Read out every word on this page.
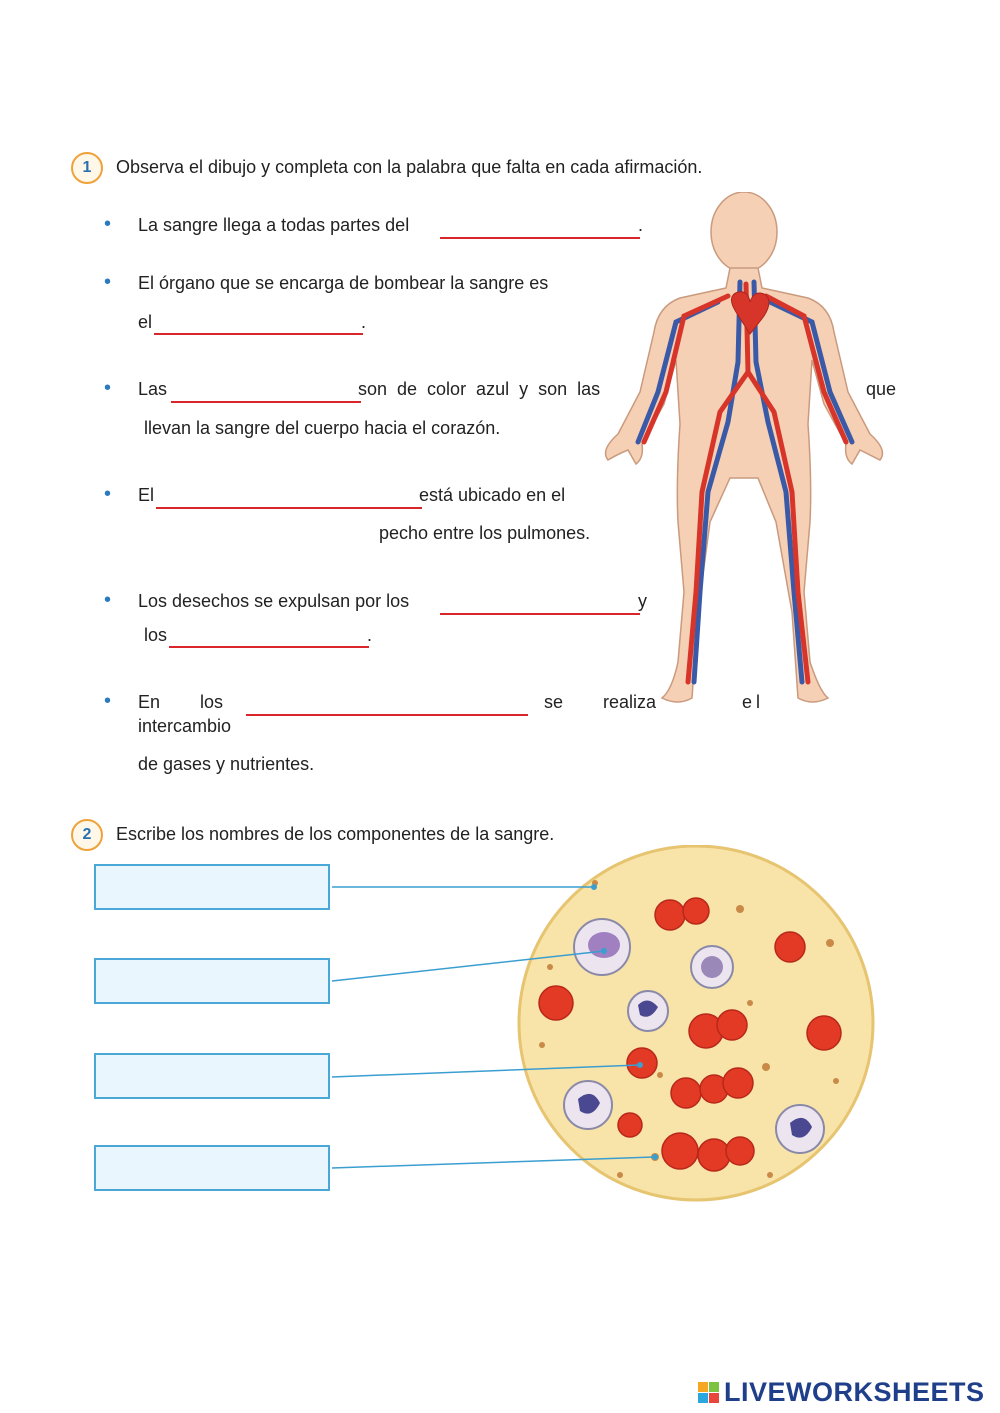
1	Observa el dibujo y completa con la palabra que falta en cada afirmación.
• La sangre llega a todas partes del	.
• El órgano que se encarga de bombear la sangre es
el	.
• Las	son de color azul y son las	que
llevan la sangre del cuerpo hacia el corazón.
• El	está ubicado en el
pecho entre los pulmones.
• Los desechos se expulsan por los	y
los	.
• En los	se realiza	el
intercambio
de gases y nutrientes.
2	Escribe los nombres de los componentes de la sangre.
LIVEWORKSHEETS
